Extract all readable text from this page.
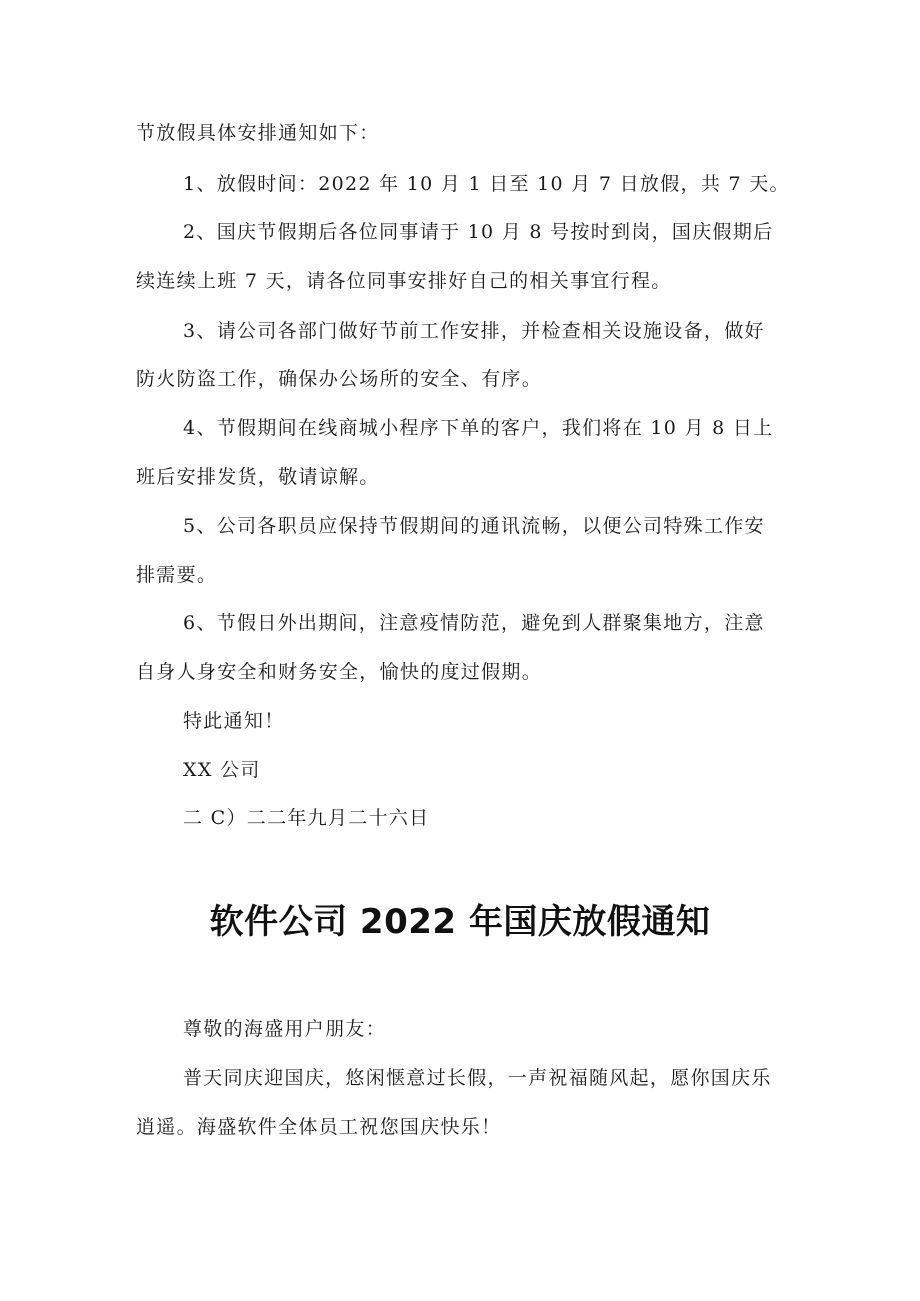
节放假具体安排通知如下：
1、放假时间：2022 年 10 月 1 日至 10 月 7 日放假，共 7 天。
2、国庆节假期后各位同事请于 10 月 8 号按时到岗，国庆假期后
续连续上班 7 天，请各位同事安排好自己的相关事宜行程。
3、请公司各部门做好节前工作安排，并检查相关设施设备，做好
防火防盗工作，确保办公场所的安全、有序。
4、节假期间在线商城小程序下单的客户，我们将在 10 月 8 日上
班后安排发货，敬请谅解。
5、公司各职员应保持节假期间的通讯流畅，以便公司特殊工作安
排需要。
6、节假日外出期间，注意疫情防范，避免到人群聚集地方，注意
自身人身安全和财务安全，愉快的度过假期。
特此通知！
XX 公司
二 C）二二年九月二十六日
软件公司 2022 年国庆放假通知
尊敬的海盛用户朋友：
普天同庆迎国庆，悠闲惬意过长假，一声祝福随风起，愿你国庆乐
逍遥。海盛软件全体员工祝您国庆快乐！
